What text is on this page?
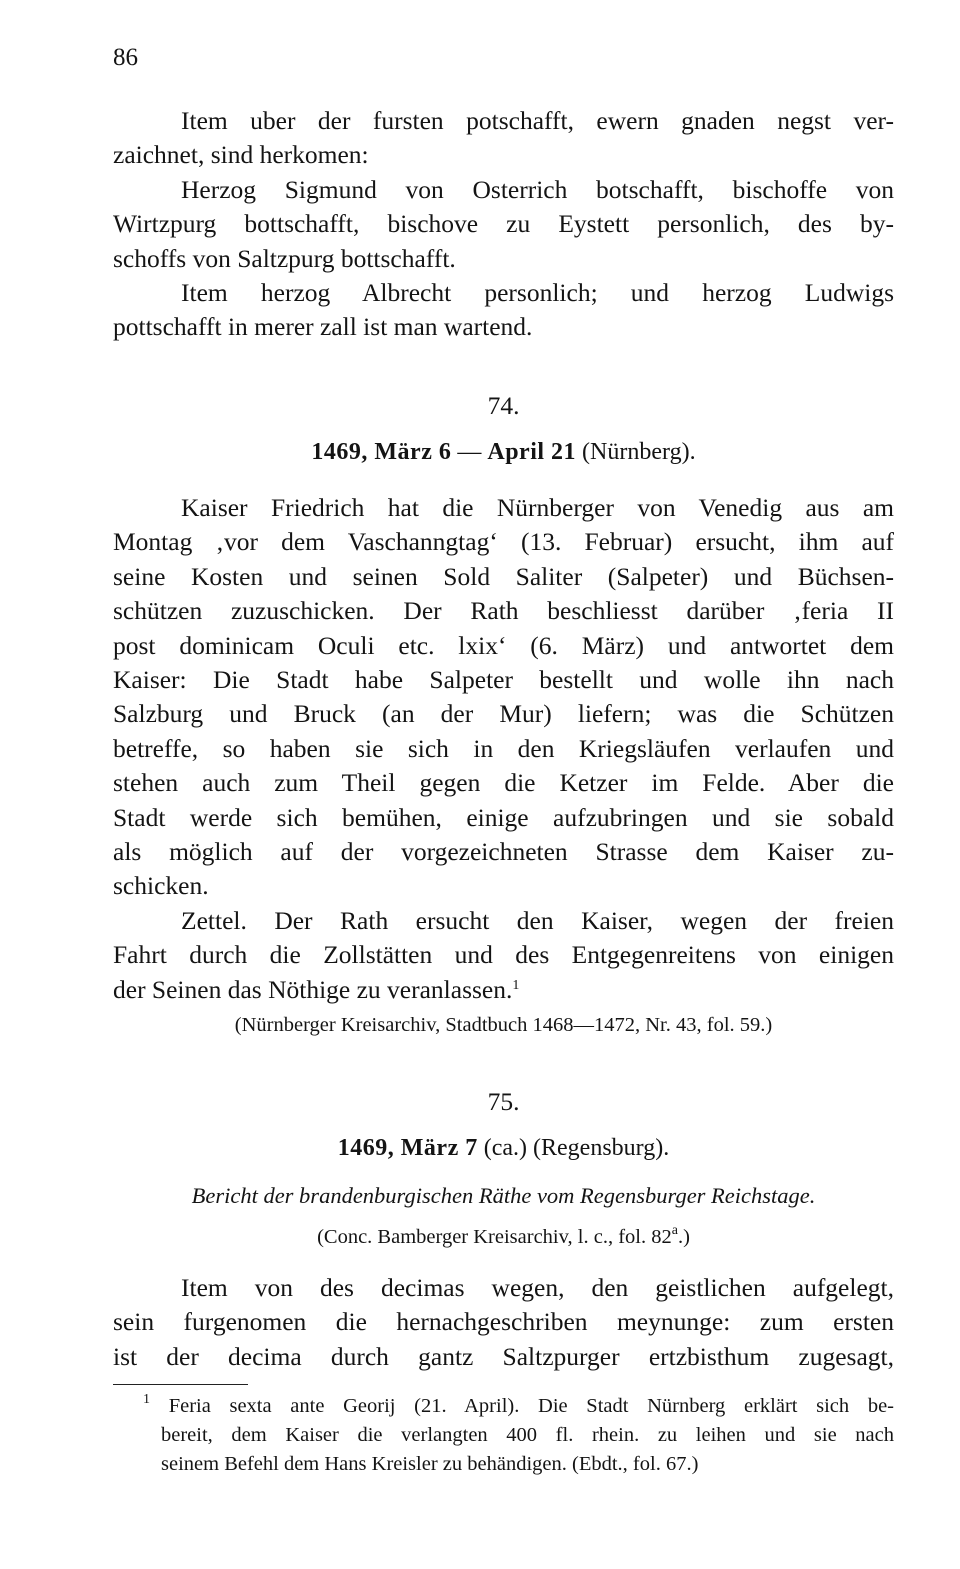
86
Item uber der fursten potschafft, ewern gnaden negst ver-
zaichnet, sind herkomen:
Herzog Sigmund von Osterrich botschafft, bischoffe von
Wirtzpurg bottschafft, bischove zu Eystett personlich, des by-
schoffs von Saltzpurg bottschafft.
Item herzog Albrecht personlich; und herzog Ludwigs
pottschafft in merer zall ist man wartend.
74.
1469, März 6 — April 21 (Nürnberg).
Kaiser Friedrich hat die Nürnberger von Venedig aus am
Montag ‚vor dem Vaschanngtag‘ (13. Februar) ersucht, ihm auf
seine Kosten und seinen Sold Saliter (Salpeter) und Büchsen-
schützen zuzuschicken. Der Rath beschliesst darüber ‚feria II
post dominicam Oculi etc. lxix‘ (6. März) und antwortet dem
Kaiser: Die Stadt habe Salpeter bestellt und wolle ihn nach
Salzburg und Bruck (an der Mur) liefern; was die Schützen
betreffe, so haben sie sich in den Kriegsläufen verlaufen und
stehen auch zum Theil gegen die Ketzer im Felde. Aber die
Stadt werde sich bemühen, einige aufzubringen und sie sobald
als möglich auf der vorgezeichneten Strasse dem Kaiser zu-
schicken.
Zettel. Der Rath ersucht den Kaiser, wegen der freien
Fahrt durch die Zollstätten und des Entgegenreitens von einigen
der Seinen das Nöthige zu veranlassen.$^1$
(Nürnberger Kreisarchiv, Stadtbuch 1468—1472, Nr. 43, fol. 59.)
75.
1469, März 7 (ca.) (Regensburg).
Bericht der brandenburgischen Räthe vom Regensburger Reichstage.
(Conc. Bamberger Kreisarchiv, l. c., fol. 82$^a$.)
Item von des decimas wegen, den geistlichen aufgelegt,
sein furgenomen die hernachgeschriben meynunge: zum ersten
ist der decima durch gantz Saltzpurger ertzbisthum zugesagt,
$^1$ Feria sexta ante Georij (21. April). Die Stadt Nürnberg erklärt sich be-
bereit, dem Kaiser die verlangten 400 fl. rhein. zu leihen und sie nach
seinem Befehl dem Hans Kreisler zu behändigen. (Ebdt., fol. 67.)
